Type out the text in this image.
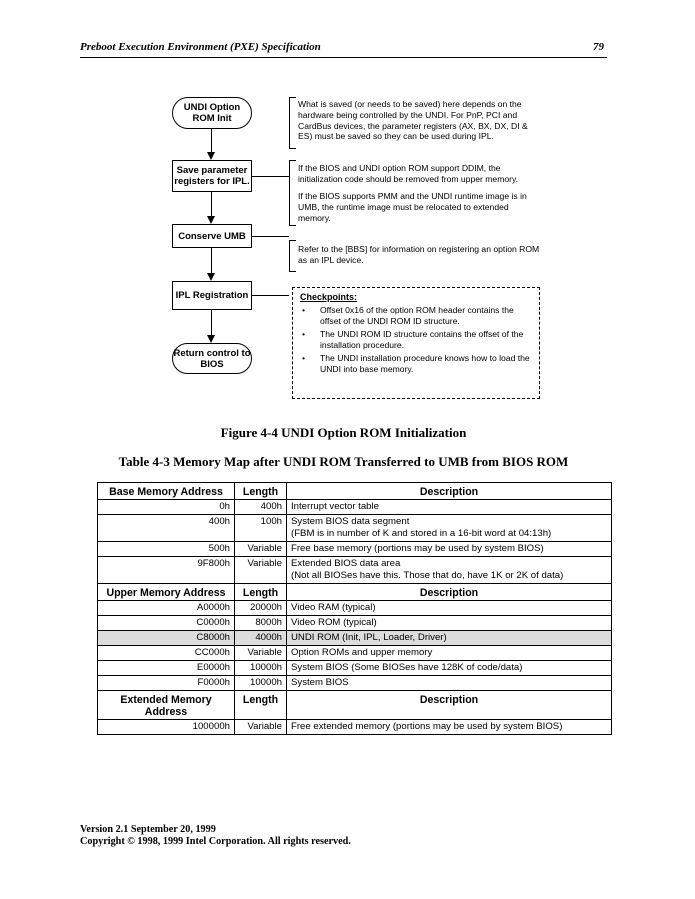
Preboot Execution Environment (PXE) Specification	79
UNDI Option ROM Init
Save parameter registers for IPL.
Conserve UMB
IPL Registration
Return control to BIOS
What is saved (or needs to be saved) here depends on the hardware being controlled by the UNDI. For PnP, PCI and CardBus devices, the parameter registers (AX, BX, DX, DI & ES) must be saved so they can be used during IPL.
If the BIOS and UNDI option ROM support DDIM, the initialization code should be removed from upper memory.
If the BIOS supports PMM and the UNDI runtime image is in UMB, the runtime image must be relocated to extended memory.
Refer to the [BBS] for information on registering an option ROM as an IPL device.
Checkpoints:
• Offset 0x16 of the option ROM header contains the offset of the UNDI ROM ID structure.
• The UNDI ROM ID structure contains the offset of the installation procedure.
• The UNDI installation procedure knows how to load the UNDI into base memory.
Figure 4-4 UNDI Option ROM Initialization
Table 4-3 Memory Map after UNDI ROM Transferred to UMB from BIOS ROM
Base Memory Address	Length	Description
0h	400h	Interrupt vector table
400h	100h	System BIOS data segment
(FBM is in number of K and stored in a 16-bit word at 04:13h)
500h	Variable	Free base memory (portions may be used by system BIOS)
9F800h	Variable	Extended BIOS data area
(Not all BIOSes have this. Those that do, have 1K or 2K of data)
Upper Memory Address	Length	Description
A0000h	20000h	Video RAM (typical)
C0000h	8000h	Video ROM (typical)
C8000h	4000h	UNDI ROM (Init, IPL, Loader, Driver)
CC000h	Variable	Option ROMs and upper memory
E0000h	10000h	System BIOS (Some BIOSes have 128K of code/data)
F0000h	10000h	System BIOS
Extended Memory Address	Length	Description
100000h	Variable	Free extended memory (portions may be used by system BIOS)
Version 2.1 September 20, 1999
Copyright © 1998, 1999 Intel Corporation. All rights reserved.
